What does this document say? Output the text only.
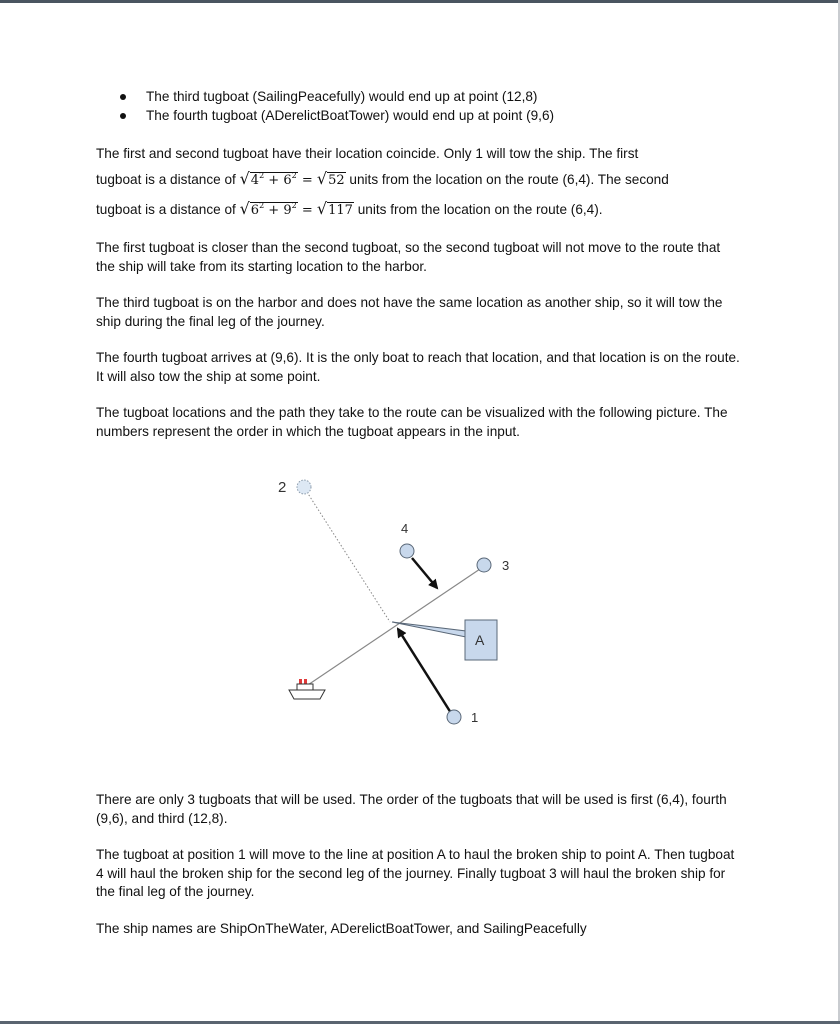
The third tugboat (SailingPeacefully) would end up at point (12,8)
The fourth tugboat (ADerelictBoatTower) would end up at point (9,6)
The first and second tugboat have their location coincide. Only 1 will tow the ship. The first
tugboat is a distance of $√4^2 + 6^2 = √52$ units from the location on the route (6,4). The second
tugboat is a distance of $√6^2 + 9^2 = √117$ units from the location on the route (6,4).

The first tugboat is closer than the second tugboat, so the second tugboat will not move to the route that the ship will take from its starting location to the harbor.

The third tugboat is on the harbor and does not have the same location as another ship, so it will tow the ship during the final leg of the journey.

The fourth tugboat arrives at (9,6). It is the only boat to reach that location, and that location is on the route. It will also tow the ship at some point.

The tugboat locations and the path they take to the route can be visualized with the following picture. The numbers represent the order in which the tugboat appears in the input.

A
2
4
3
1

There are only 3 tugboats that will be used. The order of the tugboats that will be used is first (6,4), fourth (9,6), and third (12,8).

The tugboat at position 1 will move to the line at position A to haul the broken ship to point A. Then tugboat 4 will haul the broken ship for the second leg of the journey. Finally tugboat 3 will haul the broken ship for the final leg of the journey.

The ship names are ShipOnTheWater, ADerelictBoatTower, and SailingPeacefully
